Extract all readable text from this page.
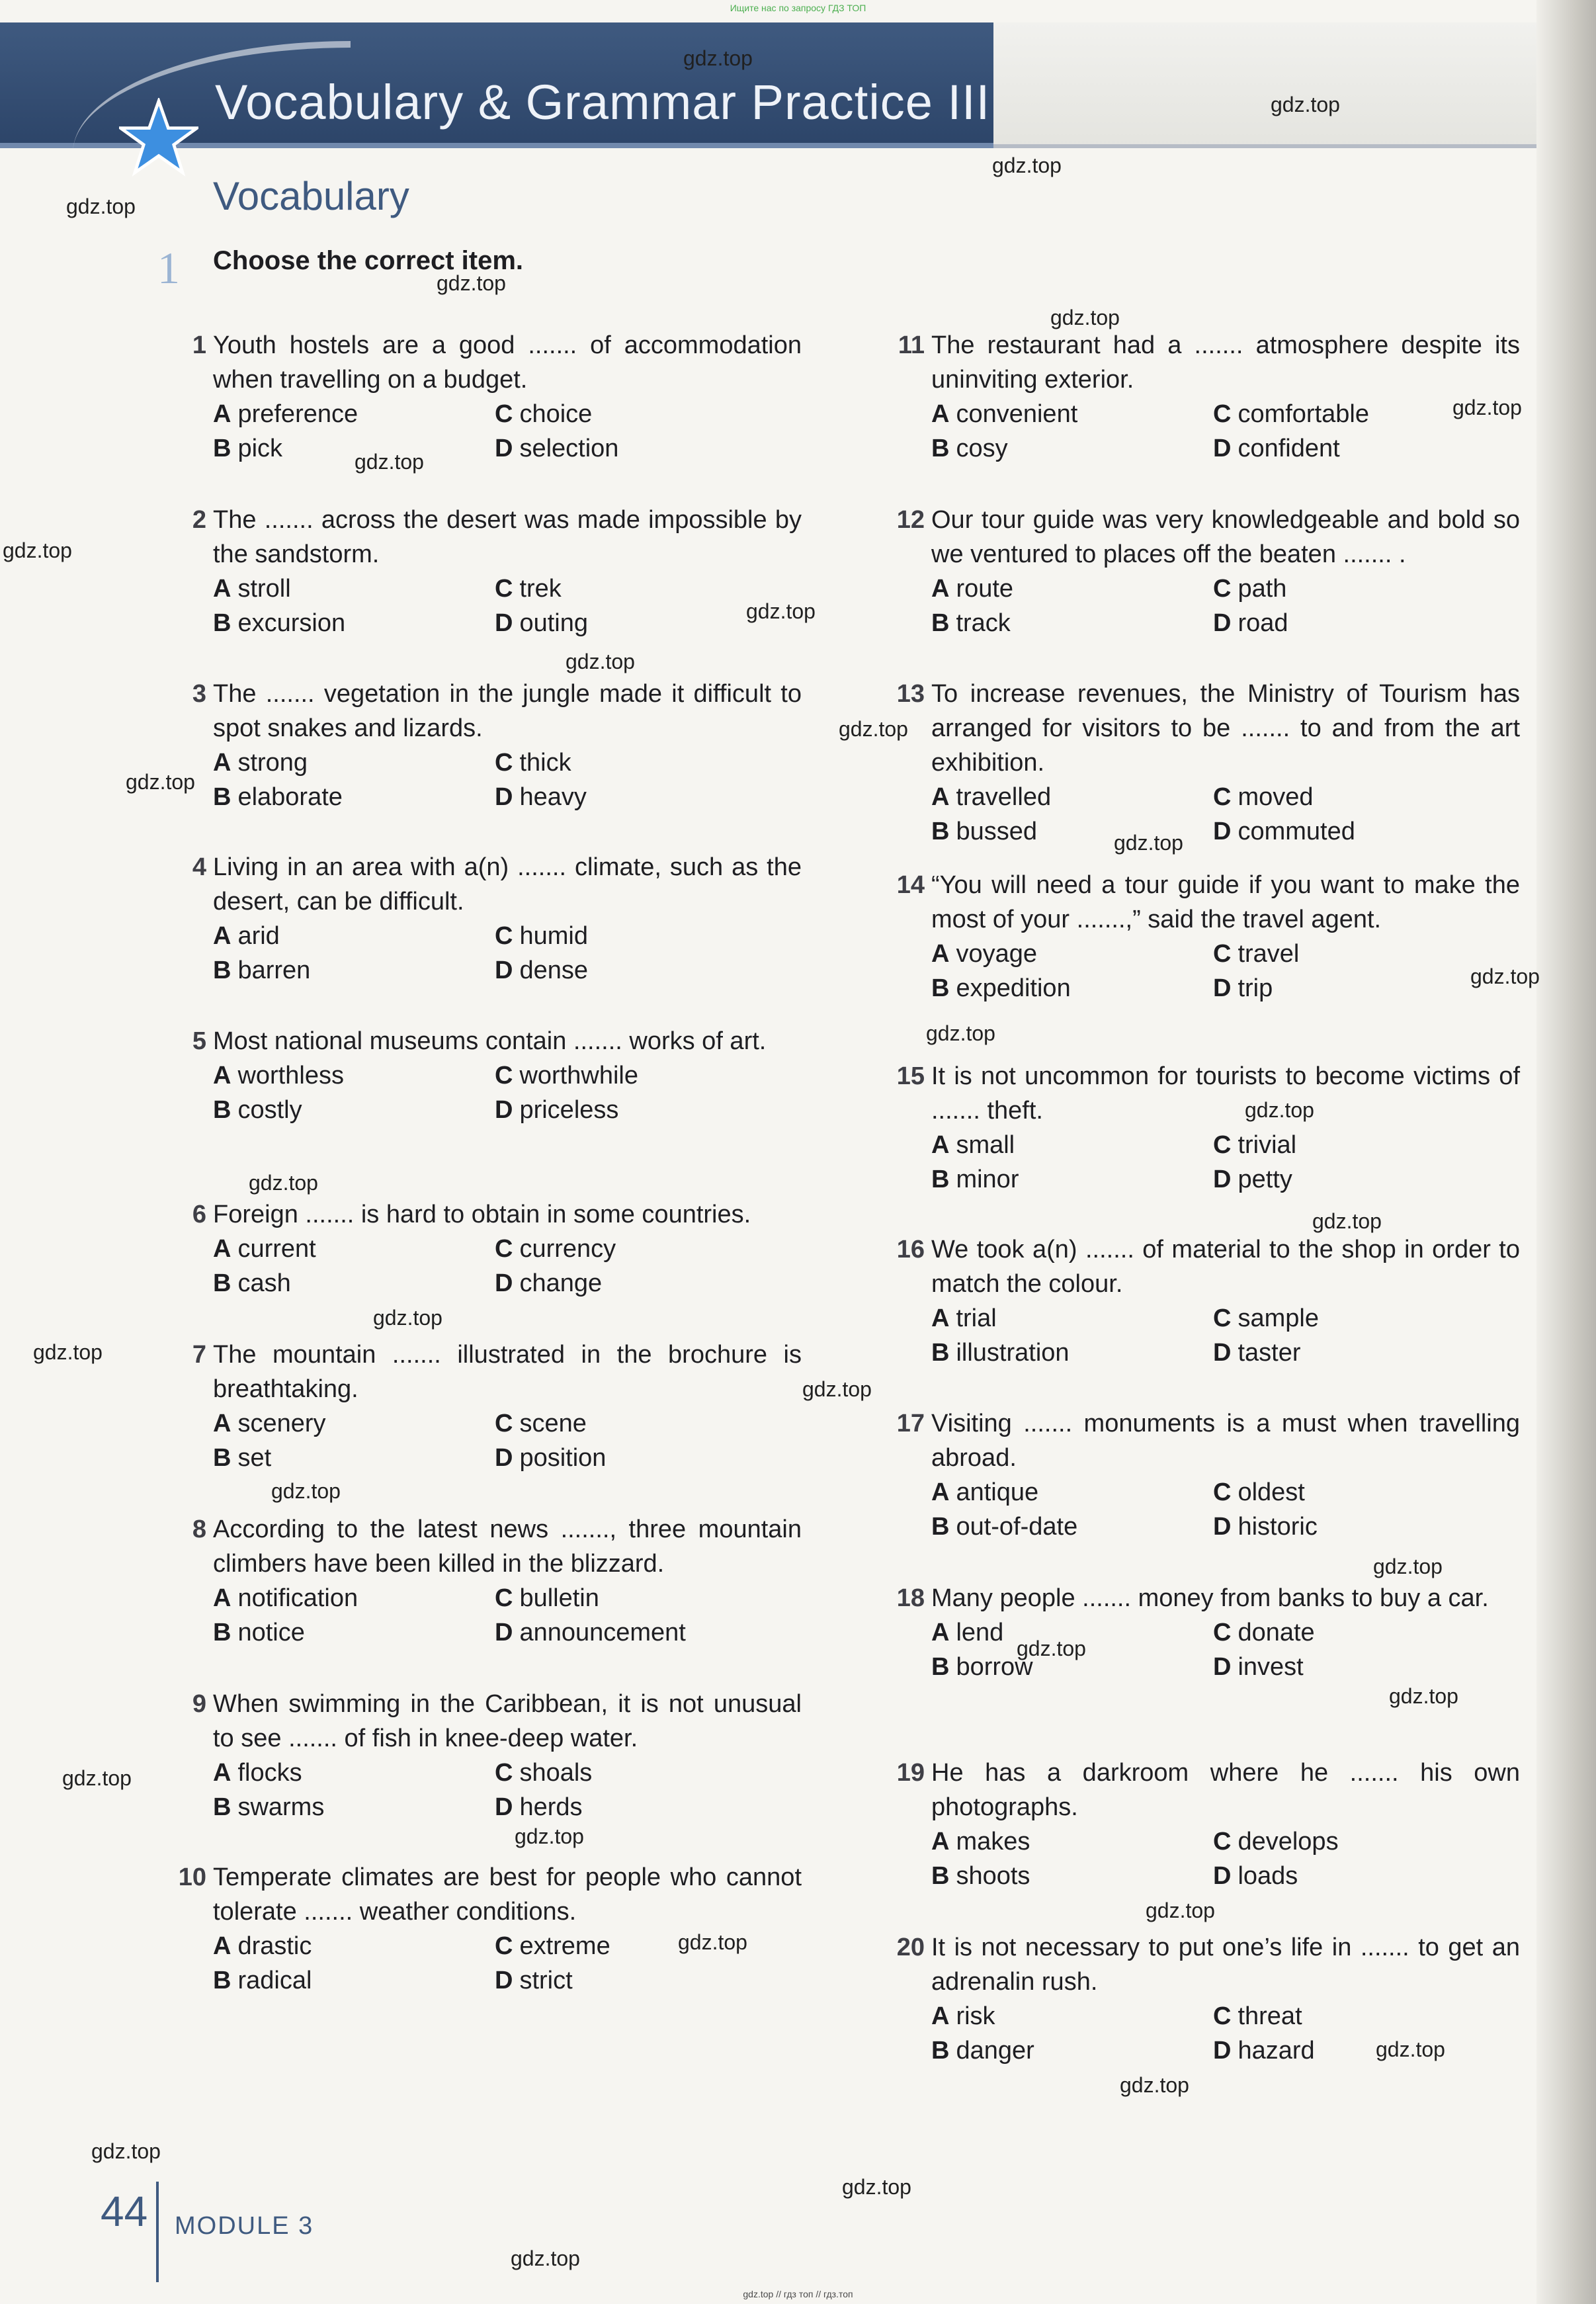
Ищите нас по запросу ГДЗ ТОП
Vocabulary & Grammar Practice III
Vocabulary
1 Choose the correct item.
1 Youth hostels are a good ....... of accommodation when travelling on a budget.
A preference	C choice
B pick	D selection
2 The ....... across the desert was made impossible by the sandstorm.
A stroll	C trek
B excursion	D outing
3 The ....... vegetation in the jungle made it difficult to spot snakes and lizards.
A strong	C thick
B elaborate	D heavy
4 Living in an area with a(n) ....... climate, such as the desert, can be difficult.
A arid	C humid
B barren	D dense
5 Most national museums contain ....... works of art.
A worthless	C worthwhile
B costly	D priceless
6 Foreign ....... is hard to obtain in some countries.
A current	C currency
B cash	D change
7 The mountain ....... illustrated in the brochure is breathtaking.
A scenery	C scene
B set	D position
8 According to the latest news ......., three mountain climbers have been killed in the blizzard.
A notification	C bulletin
B notice	D announcement
9 When swimming in the Caribbean, it is not unusual to see ....... of fish in knee-deep water.
A flocks	C shoals
B swarms	D herds
10 Temperate climates are best for people who cannot tolerate ....... weather conditions.
A drastic	C extreme
B radical	D strict
11 The restaurant had a ....... atmosphere despite its uninviting exterior.
A convenient	C comfortable
B cosy	D confident
12 Our tour guide was very knowledgeable and bold so we ventured to places off the beaten ....... .
A route	C path
B track	D road
13 To increase revenues, the Ministry of Tourism has arranged for visitors to be ....... to and from the art exhibition.
A travelled	C moved
B bussed	D commuted
14 “You will need a tour guide if you want to make the most of your .......,” said the travel agent.
A voyage	C travel
B expedition	D trip
15 It is not uncommon for tourists to become victims of ....... theft.
A small	C trivial
B minor	D petty
16 We took a(n) ....... of material to the shop in order to match the colour.
A trial	C sample
B illustration	D taster
17 Visiting ....... monuments is a must when travelling abroad.
A antique	C oldest
B out-of-date	D historic
18 Many people ....... money from banks to buy a car.
A lend	C donate
B borrow	D invest
19 He has a darkroom where he ....... his own photographs.
A makes	C develops
B shoots	D loads
20 It is not necessary to put one’s life in ....... to get an adrenalin rush.
A risk	C threat
B danger	D hazard
gdz.top
gdz.top
gdz.top
gdz.top
gdz.top
gdz.top
gdz.top
gdz.top
gdz.top
gdz.top
gdz.top
gdz.top
gdz.top
gdz.top
gdz.top
gdz.top
gdz.top
gdz.top
gdz.top
gdz.top
gdz.top
gdz.top
gdz.top
gdz.top
gdz.top
gdz.top
gdz.top
gdz.top
gdz.top
gdz.top
gdz.top
gdz.top
gdz.top
gdz.top
gdz.top
44 MODULE 3
gdz.top // гдз топ // гдз.топ
